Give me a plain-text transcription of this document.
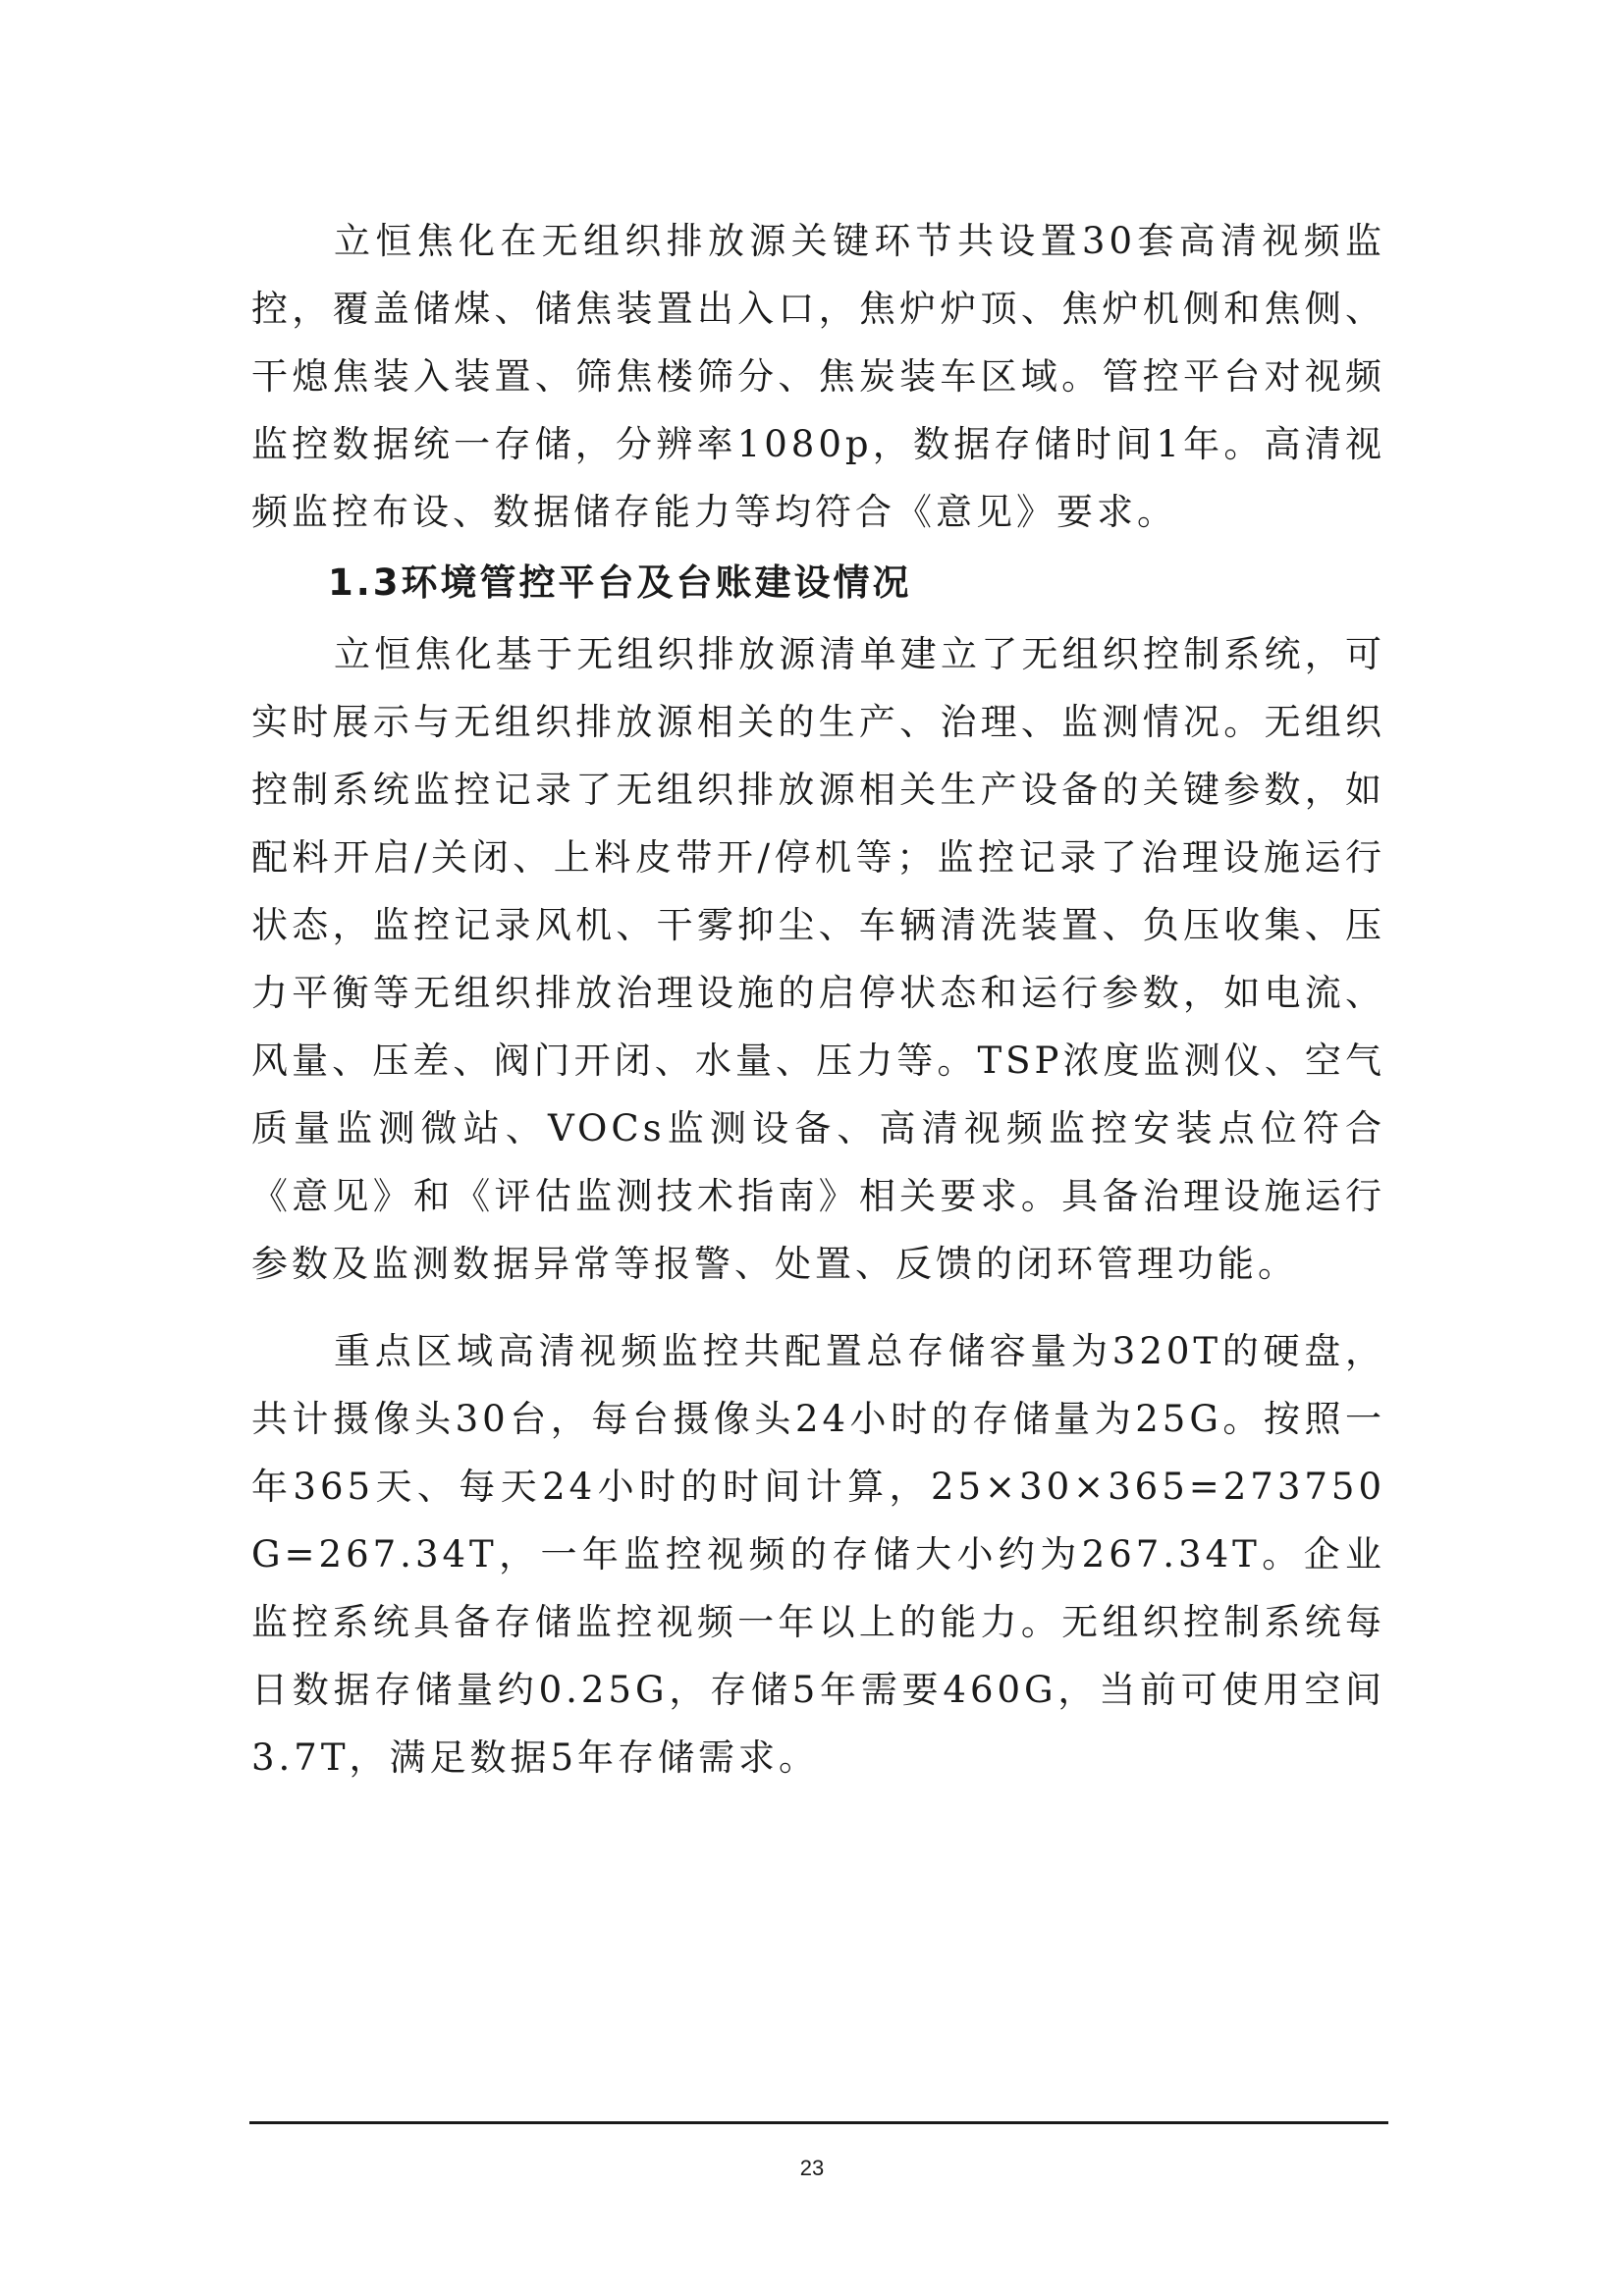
立恒焦化在无组织排放源关键环节共设置30套高清视频监控，覆盖储煤、储焦装置出入口，焦炉炉顶、焦炉机侧和焦侧、干熄焦装入装置、筛焦楼筛分、焦炭装车区域。管控平台对视频监控数据统一存储，分辨率1080p，数据存储时间1年。高清视频监控布设、数据储存能力等均符合《意见》要求。

1.3环境管控平台及台账建设情况

立恒焦化基于无组织排放源清单建立了无组织控制系统，可实时展示与无组织排放源相关的生产、治理、监测情况。无组织控制系统监控记录了无组织排放源相关生产设备的关键参数，如配料开启/关闭、上料皮带开/停机等；监控记录了治理设施运行状态，监控记录风机、干雾抑尘、车辆清洗装置、负压收集、压力平衡等无组织排放治理设施的启停状态和运行参数，如电流、风量、压差、阀门开闭、水量、压力等。TSP浓度监测仪、空气质量监测微站、VOCs监测设备、高清视频监控安装点位符合《意见》和《评估监测技术指南》相关要求。具备治理设施运行参数及监测数据异常等报警、处置、反馈的闭环管理功能。

重点区域高清视频监控共配置总存储容量为320T的硬盘，共计摄像头30台，每台摄像头24小时的存储量为25G。按照一年365天、每天24小时的时间计算，25×30×365=273750G=267.34T，一年监控视频的存储大小约为267.34T。企业监控系统具备存储监控视频一年以上的能力。无组织控制系统每日数据存储量约0.25G，存储5年需要460G，当前可使用空间3.7T，满足数据5年存储需求。

23
